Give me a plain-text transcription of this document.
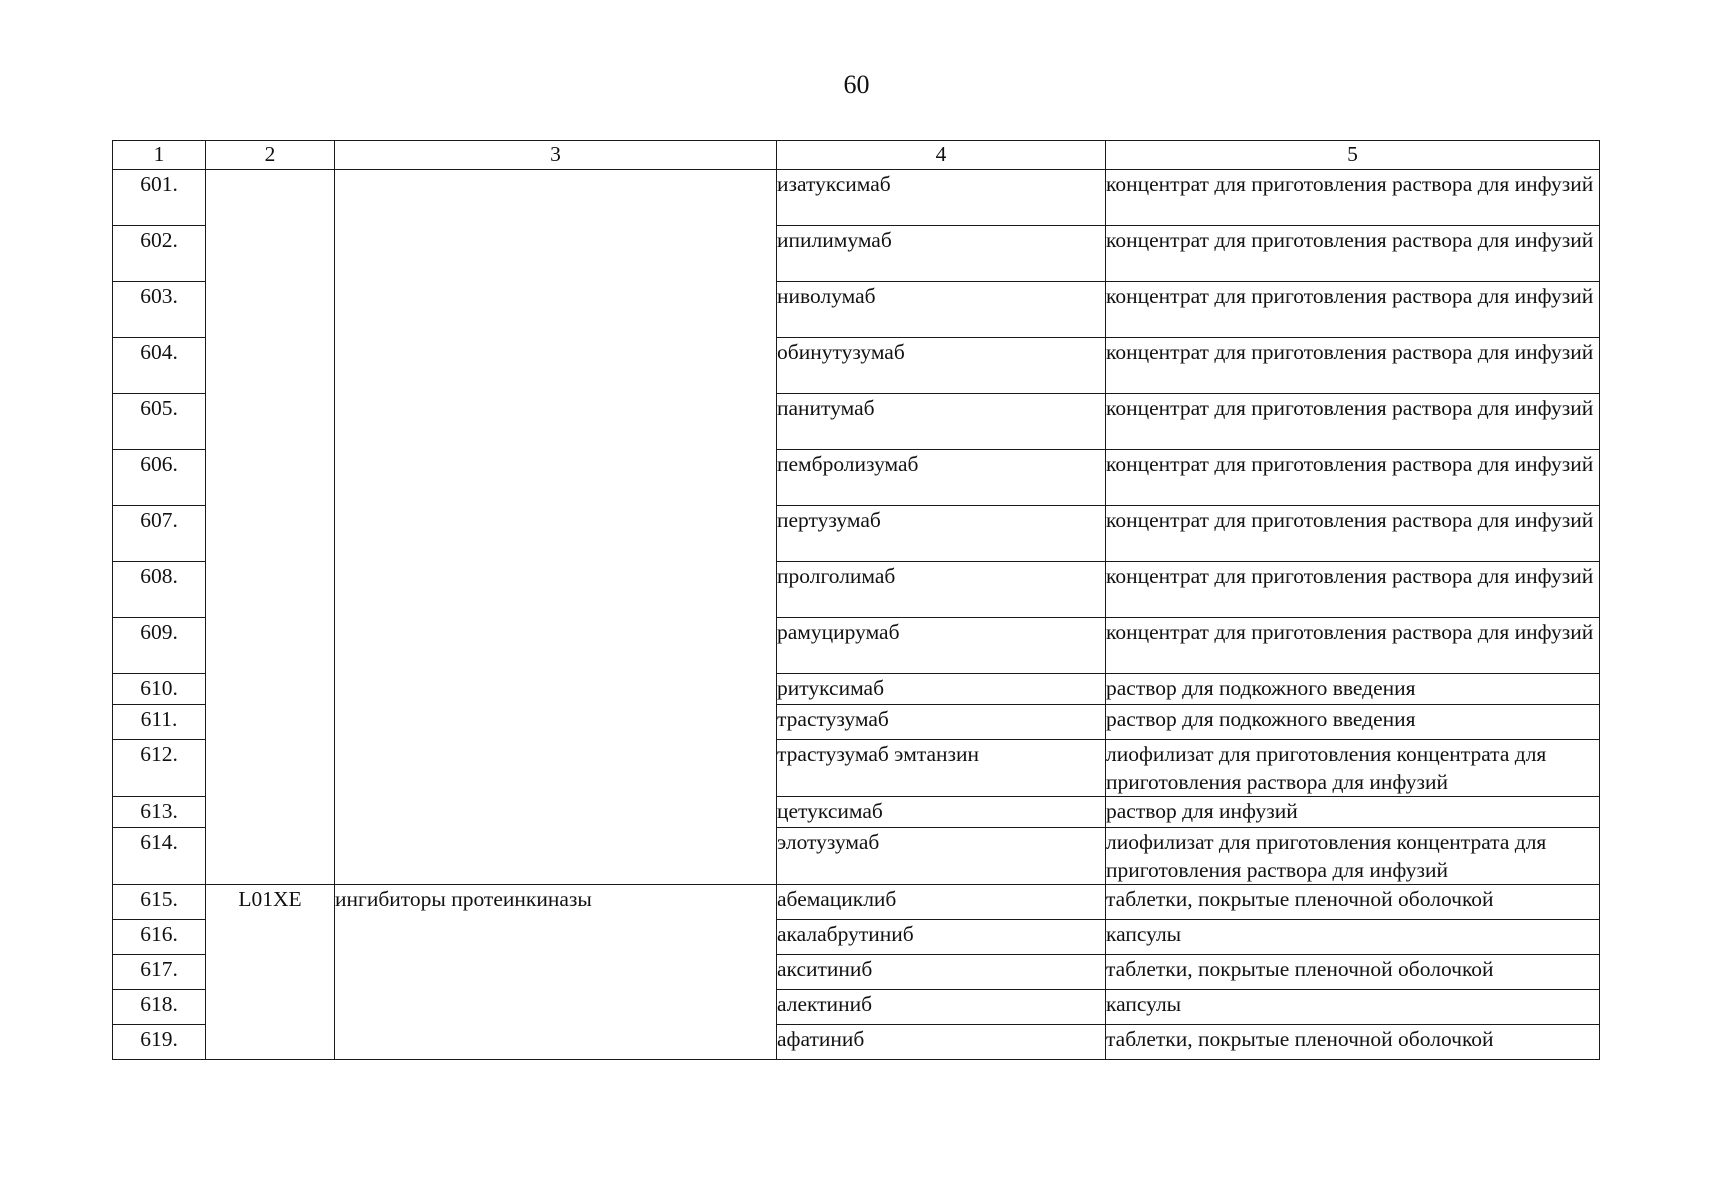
60
1	2	3	4	5
601.			изатуксимаб	концентрат для приготовления раствора для инфузий
602.			ипилимумаб	концентрат для приготовления раствора для инфузий
603.			ниволумаб	концентрат для приготовления раствора для инфузий
604.			обинутузумаб	концентрат для приготовления раствора для инфузий
605.			панитумаб	концентрат для приготовления раствора для инфузий
606.			пембролизумаб	концентрат для приготовления раствора для инфузий
607.			пертузумаб	концентрат для приготовления раствора для инфузий
608.			пролголимаб	концентрат для приготовления раствора для инфузий
609.			рамуцирумаб	концентрат для приготовления раствора для инфузий
610.			ритуксимаб	раствор для подкожного введения
611.			трастузумаб	раствор для подкожного введения
612.			трастузумаб эмтанзин	лиофилизат для приготовления концентрата для приготовления раствора для инфузий
613.			цетуксимаб	раствор для инфузий
614.			элотузумаб	лиофилизат для приготовления концентрата для приготовления раствора для инфузий
615.	L01XE	ингибиторы протеинкиназы	абемациклиб	таблетки, покрытые пленочной оболочкой
616.			акалабрутиниб	капсулы
617.			акситиниб	таблетки, покрытые пленочной оболочкой
618.			алектиниб	капсулы
619.			афатиниб	таблетки, покрытые пленочной оболочкой
